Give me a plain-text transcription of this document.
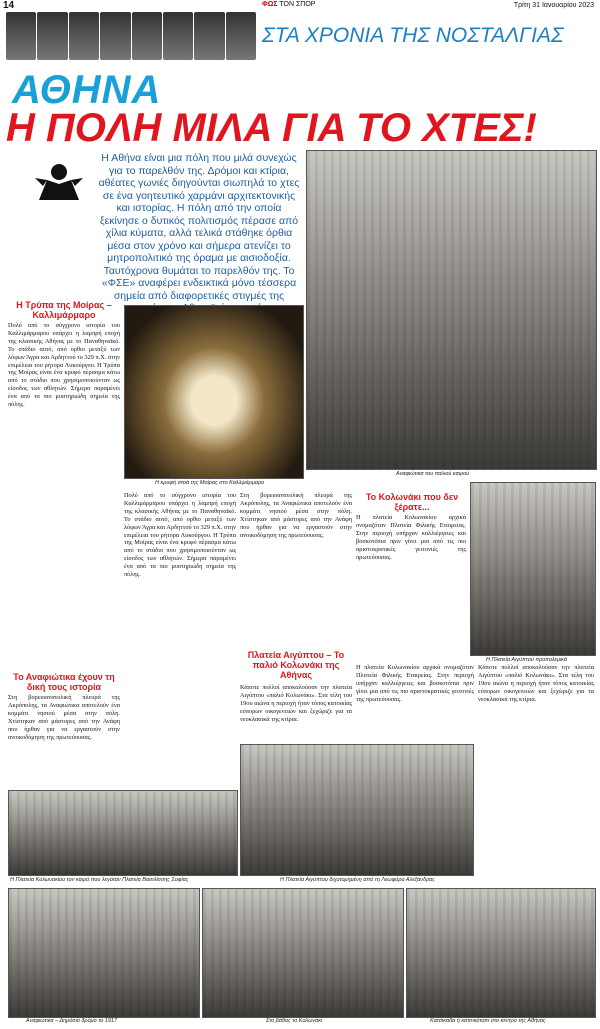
14	ΦΩΣ ΤΟΝ ΣΠΟΡ	Τρίτη 31 Ιανουαρίου 2023
ΣΤΑ ΧΡΟΝΙΑ ΤΗΣ ΝΟΣΤΑΛΓΙΑΣ
ΑΘΗΝΑ
Η ΠΟΛΗ ΜΙΛΑ ΓΙΑ ΤΟ ΧΤΕΣ!
Η Αθήνα είναι μια πόλη που μιλά συνεχώς για το παρελθόν της. Δρόμοι και κτίρια, αθέατες γωνιές διηγούνται σιωπηλά το χτες σε ένα γοητευτικό χαρμάνι αρχιτεκτονικής και ιστορίας. Η πόλη από την οποία ξεκίνησε ο δυτικός πολιτισμός πέρασε από χίλια κύματα, αλλά τελικά στάθηκε όρθια μέσα στον χρόνο και σήμερα ατενίζει το μητροπολιτικό της όραμα με αισιοδοξία. Ταυτόχρονα θυμάται το παρελθόν της. Το «ΦΣΕ» αναφέρει ενδεικτικά μόνο τέσσερα σημεία από διαφορετικές στιγμές της
Αναφιώτικα του παλιού καιρού
Η κρυφή στοά της Μοίρας στο Καλλιμάρμαρο
Η Τρύπα της Μοίρας – Καλλιμάρμαρο
Πολύ από το σύγχρονο ιστορία του Καλλιμάρμαρου υπάρχει η λαμπρή εποχή της κλασικής Αθήνας με το Παναθηναϊκό. Το στάδιο αυτό, από ορθιο μεταξύ των λόφων Άγρα και Αρδηττού το 329 π.Χ. στην επιμέλεια του ρήτορα Λυκούργου. Η Τρύπα της Μοίρας είναι ένα κρυφό πέρασμα κάτω από το στάδιο που χρησιμοποιούνταν ως είσοδος των αθλητών. Σήμερα παραμένει ένα από τα πιο μυστηριώδη σημεία της πόλης.
Το Αναφιώτικα έχουν τη δική τους ιστορία
Στη βορειοανατολική πλευρά της Ακρόπολης, τα Αναφιώτικα αποτελούν ένα κομμάτι νησιού μέσα στην πόλη. Χτίστηκαν από μάστορες από την Ανάφη που ήρθαν για να εργαστούν στην ανοικοδόμηση της πρωτεύουσας.
Πολύ από το σύγχρονο ιστορία του Καλλιμάρμαρου υπάρχει η λαμπρή εποχή της κλασικής Αθήνας με το Παναθηναϊκό. Το στάδιο αυτό, από ορθιο μεταξύ των λόφων Άγρα και Αρδηττού το 329 π.Χ. στην επιμέλεια του ρήτορα Λυκούργου. Η Τρύπα της Μοίρας είναι ένα κρυφό πέρασμα κάτω από το στάδιο που χρησιμοποιούνταν ως είσοδος των αθλητών. Σήμερα παραμένει ένα από τα πιο μυστηριώδη σημεία της πόλης.
Στη βορειοανατολική πλευρά της Ακρόπολης, τα Αναφιώτικα αποτελούν ένα κομμάτι νησιού μέσα στην πόλη. Χτίστηκαν από μάστορες από την Ανάφη που ήρθαν για να εργαστούν στην ανοικοδόμηση της πρωτεύουσας.
Πλατεία Αιγύπτου – Το παλιό Κολωνάκι της Αθήνας
Κάποτε πολλοί αποκαλούσαν την πλατεία Αιγύπτου «παλιό Κολωνάκι». Στα τέλη του 19ου αιώνα η περιοχή ήταν τόπος κατοικίας εύπορων οικογενειών και ξεχώριζε για τα νεοκλασικά της κτίρια.
Το Κολωνάκι που δεν ξέρατε...
Η πλατεία Κολωνακίου αρχικά ονομαζόταν Πλατεία Φιλικής Εταιρείας. Στην περιοχή υπήρχαν καλλιέργειες και βοσκοτόπια πριν γίνει μια από τις πιο αριστοκρατικές γειτονιές της πρωτεύουσας.
Η Πλατεία Αιγύπτου προπολεμικά
Η πλατεία Κολωνακίου αρχικά ονομαζόταν Πλατεία Φιλικής Εταιρείας. Στην περιοχή υπήρχαν καλλιέργειες και βοσκοτόπια πριν γίνει μια από τις πιο αριστοκρατικές γειτονιές της πρωτεύουσας.
Κάποτε πολλοί αποκαλούσαν την πλατεία Αιγύπτου «παλιό Κολωνάκι». Στα τέλη του 19ου αιώνα η περιοχή ήταν τόπος κατοικίας εύπορων οικογενειών και ξεχώριζε για τα νεοκλασικά της κτίρια.
Η Πλατεία Κολωνακίου τον καιρό που λεγόταν Πλατεία Βασιλίσσης Σοφίας	Η Πλατεία Αιγύπτου διχοτομημένη από τη Λεωφόρο Αλεξάνδρας
Αναφιώτικα – Δημόσιο δρόμο το 1917	Στο βάθος το Κολωνάκι	Κατσικάδα ή κατσικότοπι στο κέντρο της Αθήνας
